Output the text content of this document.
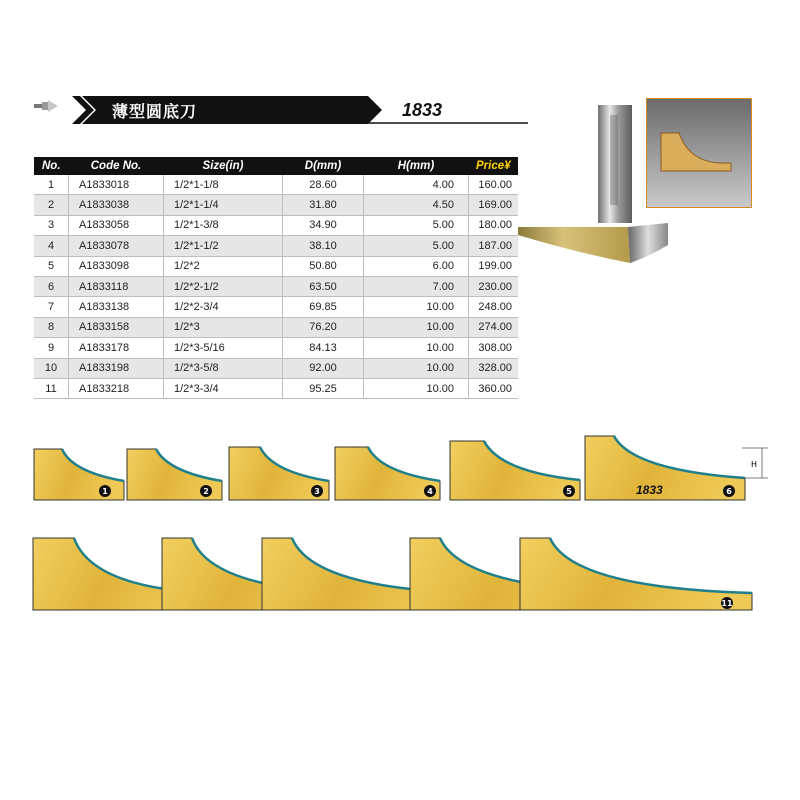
薄型圆底刀	1833
No.	Code No.	Size(in)	D(mm)	H(mm)	Price¥
1	A1833018	1/2*1-1/8	28.60	4.00	160.00
2	A1833038	1/2*1-1/4	31.80	4.50	169.00
3	A1833058	1/2*1-3/8	34.90	5.00	180.00
4	A1833078	1/2*1-1/2	38.10	5.00	187.00
5	A1833098	1/2*2	50.80	6.00	199.00
6	A1833118	1/2*2-1/2	63.50	7.00	230.00
7	A1833138	1/2*2-3/4	69.85	10.00	248.00
8	A1833158	1/2*3	76.20	10.00	274.00
9	A1833178	1/2*3-5/16	84.13	10.00	308.00
10	A1833198	1/2*3-5/8	92.00	10.00	328.00
11	A1833218	1/2*3-3/4	95.25	10.00	360.00
1	2	3	4	5	1833	6
H
11
